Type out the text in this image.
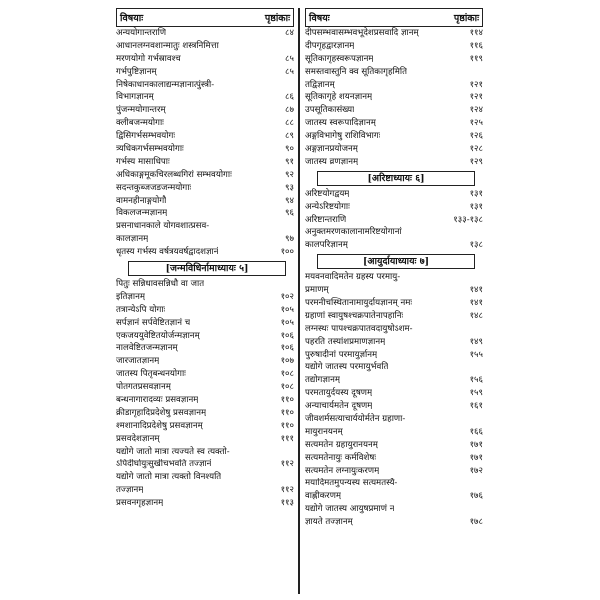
विषयाः	पृष्ठांकाः
अन्ययोगान्तराणि	८४
आधानलग्नवशान्मातुः शस्त्रनिमित्ता
मरणयोगो गर्भस्रावश्च	८५
गर्भपुष्टिज्ञानम्	८५
निषेकाधानकालाद्यन्मज्ञानात्पुंस्त्री-
विभागज्ञानम्	८६
पुंजन्मयोगान्तरम्	८७
क्लीबजन्मयोगाः	८८
द्विसिगर्भसम्भवयोगः	८९
त्र्यधिकगर्भसम्भवयोगाः	९०
गर्भस्य मासाधिपाः	९१
अधिकाङ्गमूकचिरलब्धगिरां सम्भवयोगाः	९२
सदन्तकुब्जजडजन्मयोगाः	९३
वामनहीनाङ्गयोगौ	९४
विकलजन्मज्ञानम्	९६
प्रसनाधानकाले योगवशात्प्रसव-
कालज्ञानम्	९७
धृतस्य गर्भस्य वर्षत्रयवर्षद्वादशज्ञानं	१००
[जन्मविधिर्नामाध्यायः ५]
पितुः सन्निधावसन्निधौ वा जात
इतिज्ञानम्	१०२
तत्रान्येऽपि योगाः	१०५
सर्पज्ञानं सर्पवेष्टितज्ञानं च	१०५
एकजययुवेष्टितयोर्जन्मज्ञानम्	१०६
नालवेष्टितजन्मज्ञानम्	१०६
जारजातज्ञानम्	१०७
जातस्य पितृबन्धनयोगाः	१०८
पोतगतप्रसवज्ञानम्	१०८
बन्धनागारादव्यः प्रसवज्ञानम्	११०
क्रीडागृहादिप्रदेशेषु प्रसवज्ञानम्	११०
श्मशानादिप्रदेशेषु प्रसवज्ञानम्	११०
प्रसवदेशज्ञानम्	१११
यद्योगे जातो मात्रा त्यज्यते स्व त्यक्तो-
ऽपिदीर्घायुःसुखीचभवति तज्ज्ञानं	११२
यद्योगे जातो मात्रा त्यक्तो विनश्यति
तज्ज्ञानम्	११२
प्रसवनगृहज्ञानम्	११३
विषयः	पृष्ठांकाः
दीपसम्भवासम्भवभूदेशप्रसवादि ज्ञानम्	११४
दीपगृहद्वारज्ञानम्	११६
सूतिकागृहस्वरूपज्ञानम्	११९
समस्तवास्तुनि क्व सूतिकागृहमिति
तद्विज्ञानम्	१२१
सूतिकागृहे शयनज्ञानम्	१२१
उपसूतिकासंख्या	१२४
जातस्य स्वरूपादिज्ञानम्	१२५
अङ्गविभागेषु राशिविभागः	१२६
अङ्गज्ञानप्रयोजनम्	१२८
जातस्य व्रणज्ञानम्	१२९
[अरिष्टाध्यायः ६]
अरिष्टयोगद्वयम्	१३१
अन्येऽरिष्टयोगाः	१३१
अरिष्टान्तराणि	१३३-१३८
अनुक्तमरणकालानामरिष्टयोगानां
कालपरिज्ञानम्	१३८
[आयुर्दायाध्यायः ७]
मयवनवादिमतेन ग्रहस्य परमायु-
प्रमाणम्	१४१
परमनीचस्थितानामायुर्दायज्ञानम् नमः	१४१
ग्रहाणां स्वायुषश्चक्रपातेनापहानिः	१४८
लग्नस्थः पापश्चक्रपातवदायुषोऽशम-
पहरति तस्यांशप्रमाणज्ञानम्	१४९
पुरुषादीनां परमायुर्ज्ञानम्	१५५
यद्योगे जातस्य परमायुर्भवति
तद्योगज्ञानम्	१५६
परमतायुर्दयस्य दूषणम्	१५९
अन्याचार्यमतेन दूषणम्	१६१
जीवशर्मसत्याचार्ययोर्मतेन ग्रहाणा-
मायुरानयनम्	१६६
सत्यमतेन ग्रहायुरानयनम्	१७१
सत्यमतेनायुः कर्मविशेषः	१७१
सत्यमतेन लग्नायुःकरणम्	१७२
मयादिमतमुपन्यस्य सत्यमतस्यै-
वाह्णीकरणम्	१७६
यद्योगे जातस्य आयुषप्रमाणं न
ज्ञायते तज्ज्ञानम्	१७८
